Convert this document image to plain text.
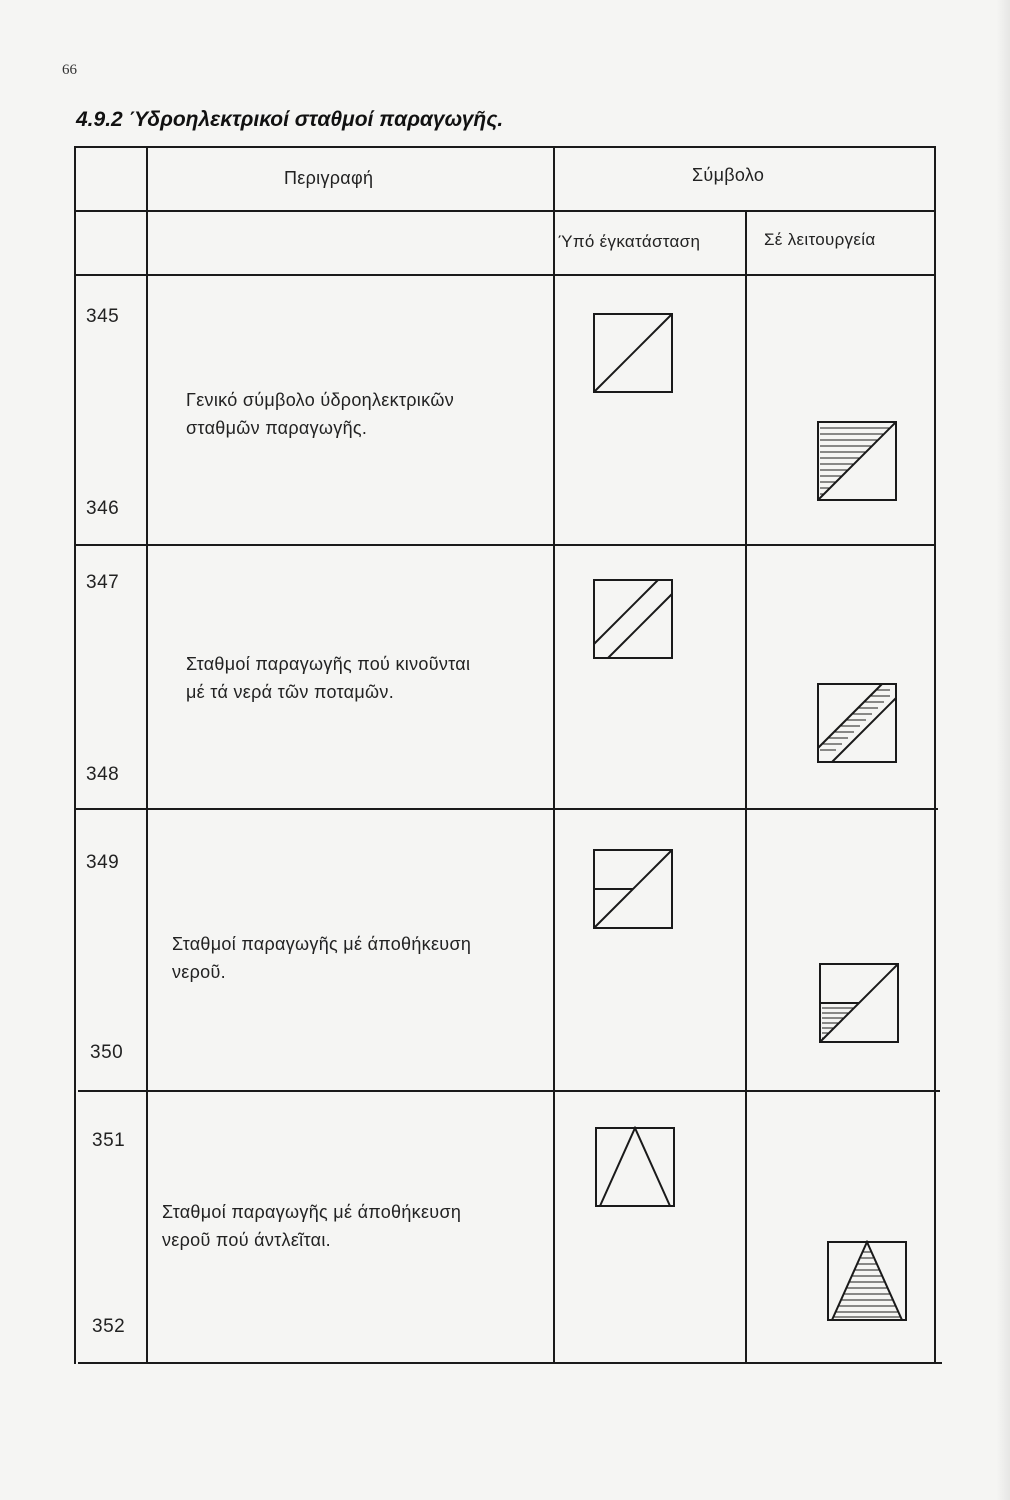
66
4.9.2 Ύδροηλεκτρικοί σταθμοί παραγωγῆς.
Περιγραφή	Σύμβολο
Ύπό έγκατάσταση	Σέ λειτουργεία
345
346
Γενικό σύμβολο ύδροηλεκτρικῶν
σταθμῶν παραγωγῆς.
347
348
Σταθμοί παραγωγῆς πού κινοῦνται
μέ τά νερά τῶν ποταμῶν.
349
350
Σταθμοί παραγωγῆς μέ άποθήκευση
νεροῦ.
351
352
Σταθμοί παραγωγῆς μέ άποθήκευση
νεροῦ πού άντλεῖται.
